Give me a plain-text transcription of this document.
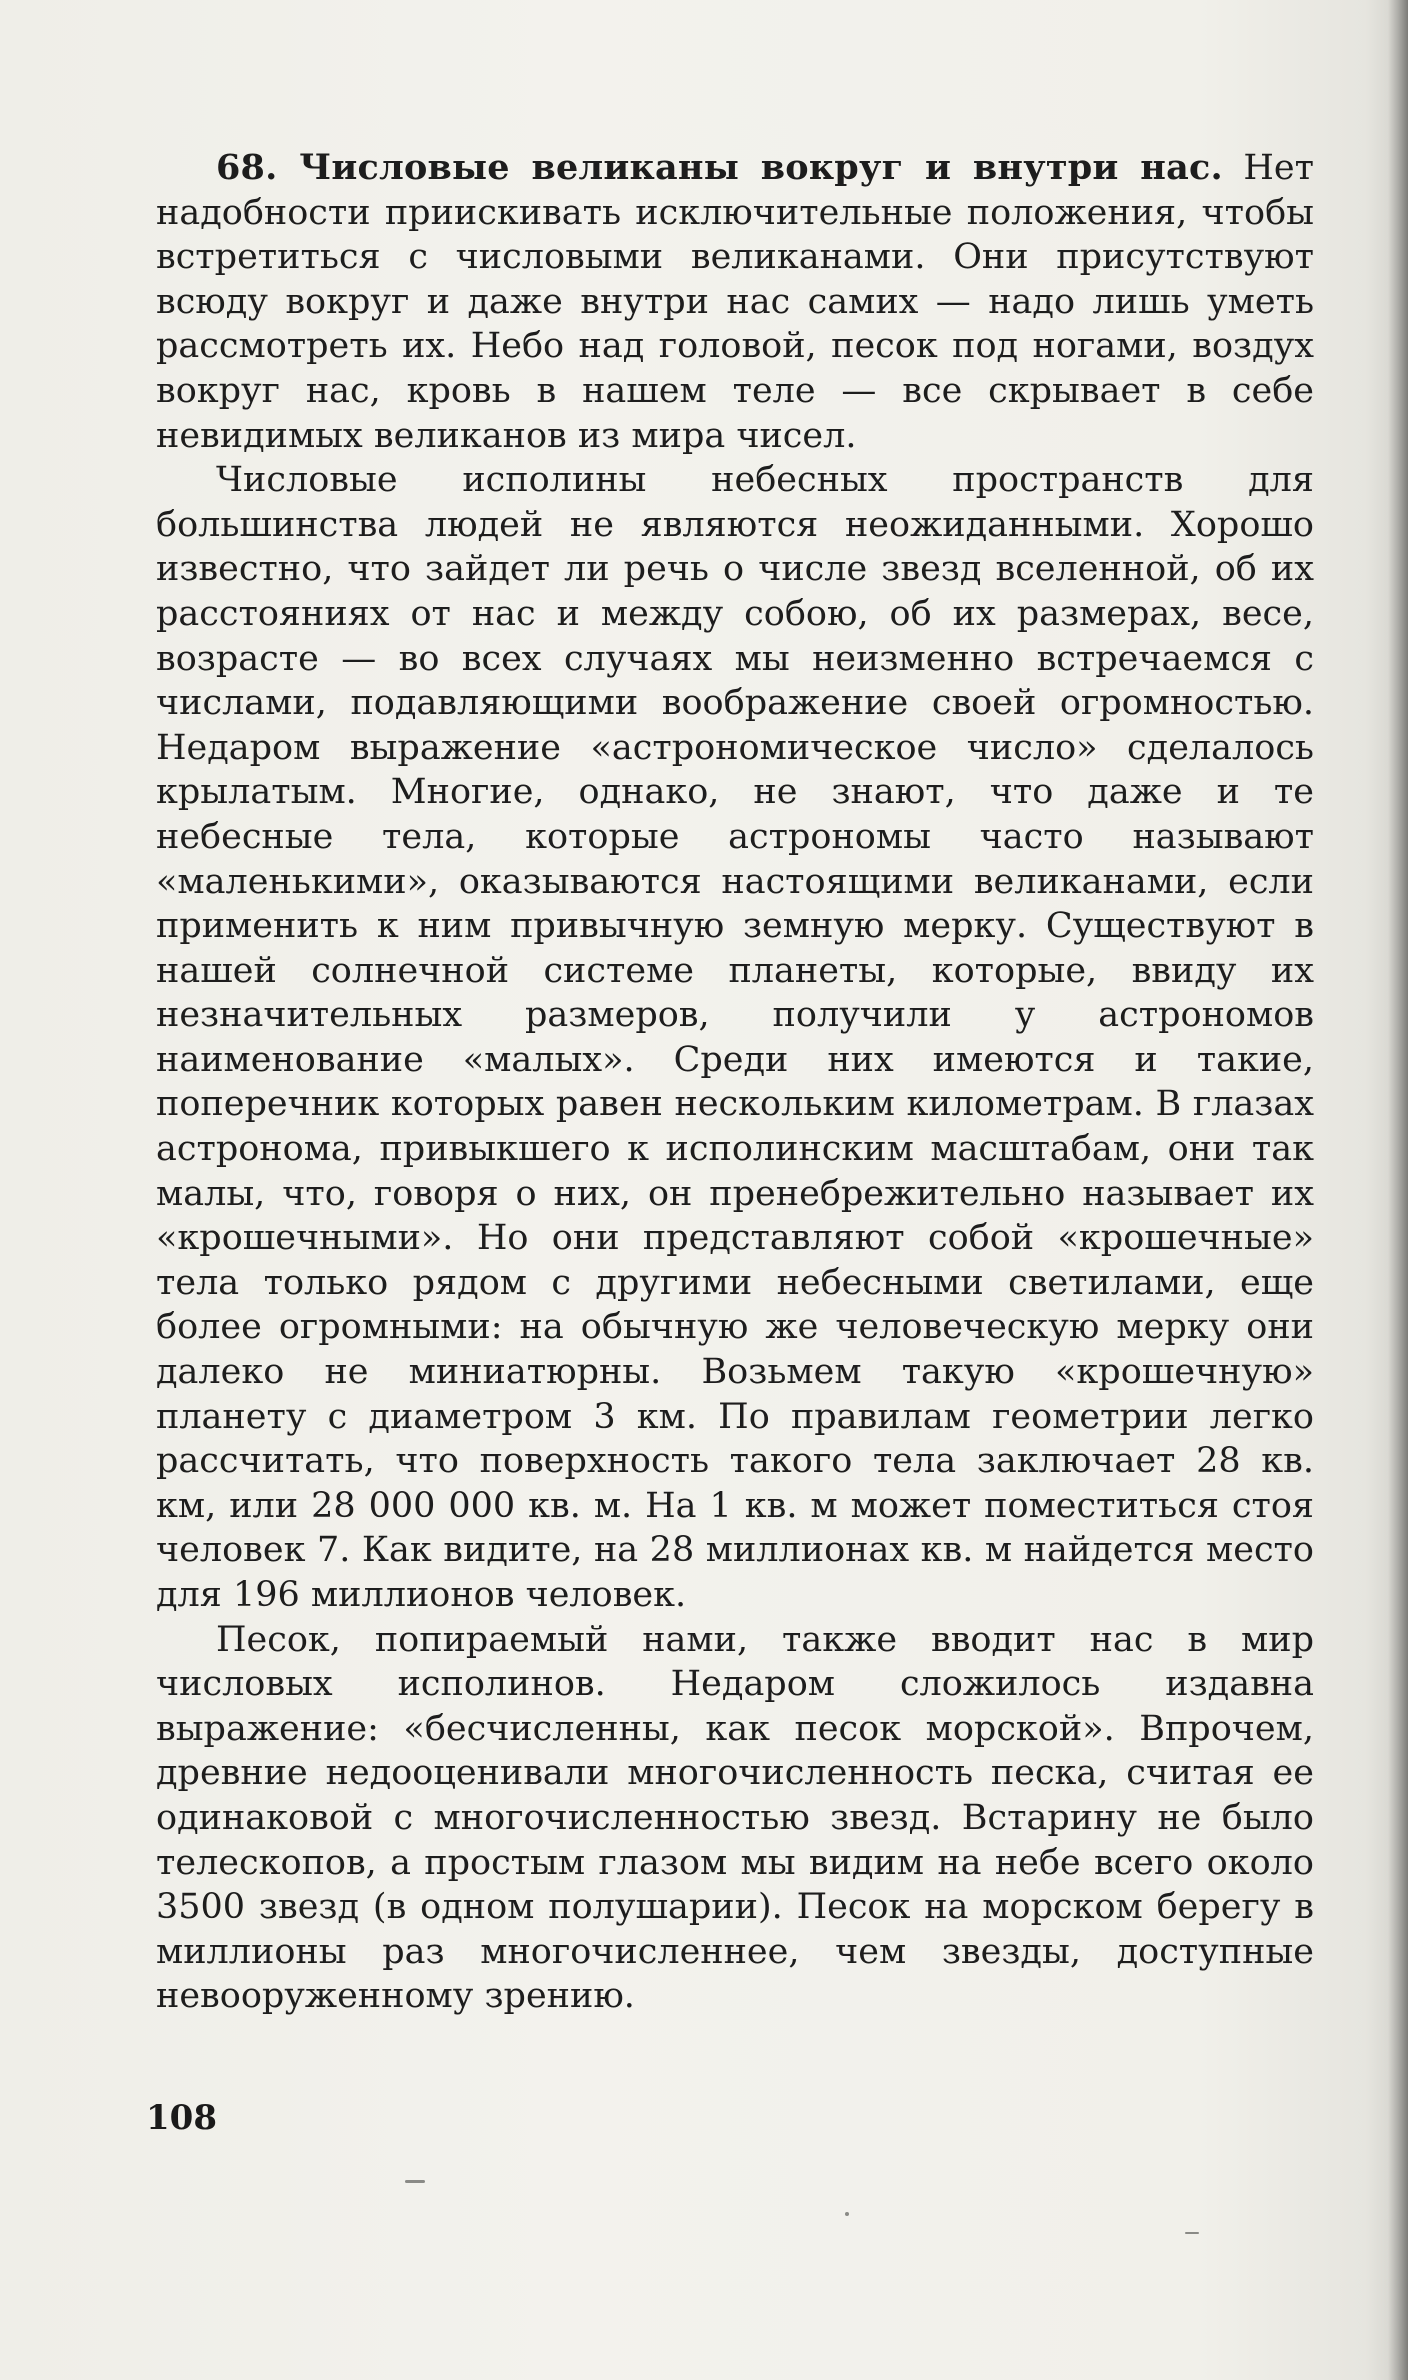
68. Числовые великаны вокруг и внутри нас. Нет надобности приискивать исключительные положения, чтобы встретиться с числовыми великанами. Они присутствуют всюду вокруг и даже внутри нас самих — надо лишь уметь рассмотреть их. Небо над головой, песок под ногами, воздух вокруг нас, кровь в нашем теле — все скрывает в себе невидимых великанов из мира чисел.

Числовые исполины небесных пространств для большинства людей не являются неожиданными. Хорошо известно, что зайдет ли речь о числе звезд вселенной, об их расстояниях от нас и между собою, об их размерах, весе, возрасте — во всех случаях мы неизменно встречаемся с числами, подавляющими воображение своей огромностью. Недаром выражение «астрономическое число» сделалось крылатым. Многие, однако, не знают, что даже и те небесные тела, которые астрономы часто называют «маленькими», оказываются настоящими великанами, если применить к ним привычную земную мерку. Существуют в нашей солнечной системе планеты, которые, ввиду их незначительных размеров, получили у астрономов наименование «малых». Среди них имеются и такие, поперечник которых равен нескольким километрам. В глазах астронома, привыкшего к исполинским масштабам, они так малы, что, говоря о них, он пренебрежительно называет их «крошечными». Но они представляют собой «крошечные» тела только рядом с другими небесными светилами, еще более огромными: на обычную же человеческую мерку они далеко не миниатюрны. Возьмем такую «крошечную» планету с диаметром 3 км. По правилам геометрии легко рассчитать, что поверхность такого тела заключает 28 кв. км, или 28 000 000 кв. м. На 1 кв. м может поместиться стоя человек 7. Как видите, на 28 миллионах кв. м найдется место для 196 миллионов человек.

Песок, попираемый нами, также вводит нас в мир числовых исполинов. Недаром сложилось издавна выражение: «бесчисленны, как песок морской». Впрочем, древние недооценивали многочисленность песка, считая ее одинаковой с многочисленностью звезд. Встарину не было телескопов, а простым глазом мы видим на небе всего около 3500 звезд (в одном полушарии). Песок на морском берегу в миллионы раз многочисленнее, чем звезды, доступные невооруженному зрению.

108
